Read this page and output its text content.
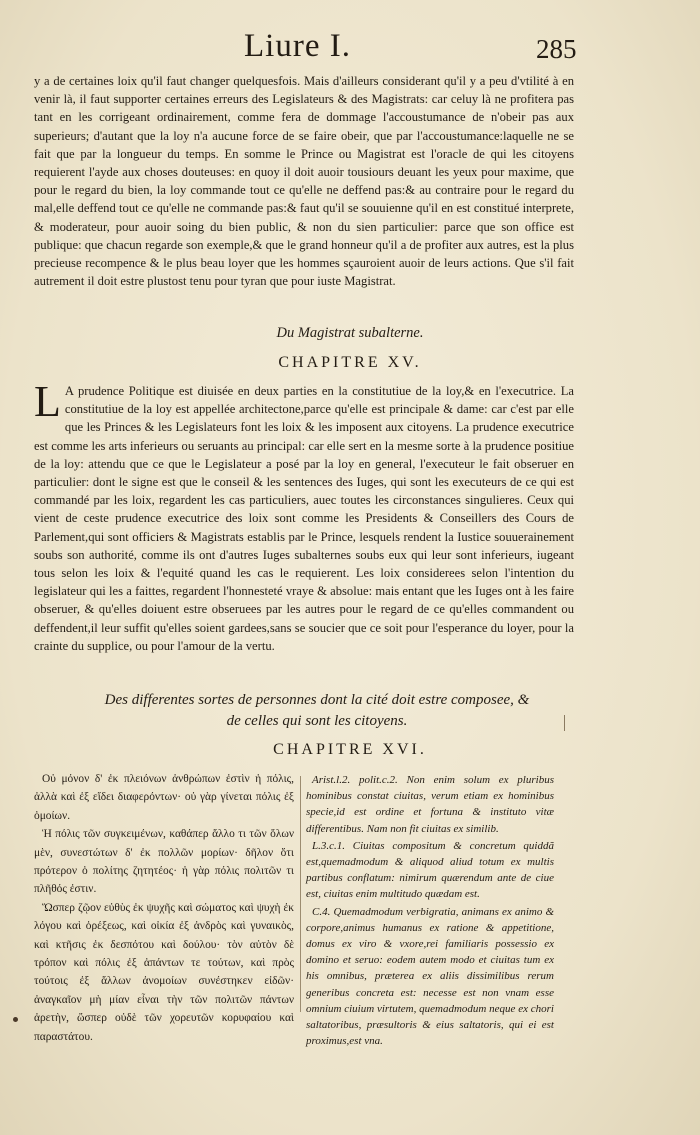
Liure I.	285

y a de certaines loix qu'il faut changer quelquesfois. Mais d'ailleurs considerant qu'il y a peu d'vtilité à en venir là, il faut supporter certaines erreurs des Legislateurs & des Magistrats: car celuy là ne profitera pas tant en les corrigeant ordinairement, comme fera de dommage l'accoustumance de n'obeir pas aux superieurs; d'autant que la loy n'a aucune force de se faire obeir, que par l'accoustumance:laquelle ne se fait que par la longueur du temps. En somme le Prince ou Magistrat est l'oracle de qui les citoyens requierent l'ayde aux choses douteuses: en quoy il doit auoir tousiours deuant les yeux pour maxime, que pour le regard du bien, la loy commande tout ce qu'elle ne deffend pas:& au contraire pour le regard du mal,elle deffend tout ce qu'elle ne commande pas:& faut qu'il se souuienne qu'il en est constitué interprete, & moderateur, pour auoir soing du bien public, & non du sien particulier: parce que son office est publique: que chacun regarde son exemple,& que le grand honneur qu'il a de profiter aux autres, est la plus precieuse recompence & le plus beau loyer que les hommes sçauroient auoir de leurs actions. Que s'il fait autrement il doit estre plustost tenu pour tyran que pour iuste Magistrat.

Du Magistrat subalterne.
CHAPITRE XV.

L A prudence Politique est diuisée en deux parties en la constitutiue de la loy,& en l'executrice. La constitutiue de la loy est appellée architectone,parce qu'elle est principale & dame: car c'est par elle que les Princes & les Legislateurs font les loix & les imposent aux citoyens. La prudence executrice est comme les arts inferieurs ou seruants au principal: car elle sert en la mesme sorte à la prudence positiue de la loy: attendu que ce que le Legislateur a posé par la loy en general, l'executeur le fait obseruer en particulier: dont le signe est que le conseil & les sentences des Iuges, qui sont les executeurs de ce qui est commandé par les loix, regardent les cas particuliers, auec toutes les circonstances singulieres. Ceux qui vient de ceste prudence executrice des loix sont comme les Presidents & Conseillers des Cours de Parlement,qui sont officiers & Magistrats establis par le Prince, lesquels rendent la Iustice souuerainement soubs son authorité, comme ils ont d'autres Iuges subalternes soubs eux qui leur sont inferieurs, iugeant tous selon les loix & l'equité quand les cas le requierent. Les loix considerees selon l'intention du legislateur qui les a faittes, regardent l'honnesteté vraye & absolue: mais entant que les Iuges ont à les faire obseruer, & qu'elles doiuent estre obseruees par les autres pour le regard de ce qu'elles commandent ou deffendent,il leur suffit qu'elles soient gardees,sans se soucier que ce soit pour l'esperance du loyer, pour la crainte du supplice, ou pour l'amour de la vertu.

Des differentes sortes de personnes dont la cité doit estre composee, &
de celles qui sont les citoyens.
CHAPITRE XVI.

Οὐ μόνον δ' ἐκ πλειόνων ἀνθρώπων ἐστὶν ἡ πόλις, ἀλλὰ καὶ ἐξ εἴδει διαφερόντων· οὐ γὰρ γίνεται πόλις ἐξ ὁμοίων.

Ἡ πόλις τῶν συγκειμένων, καθάπερ ἄλλο τι τῶν ὅλων μὲν, συνεστώτων δ' ἐκ πολλῶν μορίων· δῆλον ὅτι πρότερον ὁ πολίτης ζητητέος· ἡ γὰρ πόλις πολιτῶν τι πλῆθός ἐστιν.

Ὥσπερ ζῷον εὐθὺς ἐκ ψυχῆς καὶ σώματος καὶ ψυχὴ ἐκ λόγου καὶ ὀρέξεως, καὶ οἰκία ἐξ ἀνδρὸς καὶ γυναικὸς, καὶ κτῆσις ἐκ δεσπότου καὶ δούλου· τὸν αὐτὸν δὲ τρόπον καὶ πόλις ἐξ ἁπάντων τε τούτων, καὶ πρὸς τούτοις ἐξ ἄλλων ἀνομοίων συνέστηκεν εἰδῶν· ἀναγκαῖον μὴ μίαν εἶναι τὴν τῶν πολιτῶν πάντων ἀρετὴν, ὥσπερ οὐδὲ τῶν χορευτῶν κορυφαίου καὶ παραστάτου.

Arist.l.2. polit.c.2. Non enim solum ex pluribus hominibus constat ciuitas, verum etiam ex hominibus specie,id est ordine et fortuna & instituto vitæ differentibus. Nam non fit ciuitas ex similib.

L.3.c.1. Ciuitas compositum & concretum quiddã est,quemadmodum & aliquod aliud totum ex multis partibus conflatum: nimirum quærendum ante de ciue est, ciuitas enim multitudo quædam est.

C.4. Quemadmodum verbigratia, animans ex animo & corpore,animus humanus ex ratione & appetitione, domus ex viro & vxore,rei familiaris possessio ex domino et seruo: eodem autem modo et ciuitas tum ex his omnibus, præterea ex aliis dissimilibus rerum generibus concreta est: necesse est non vnam esse omnium ciuium virtutem, quemadmodum neque ex chori saltatoribus, præsultoris & eius saltatoris, qui ei est proximus,est vna.
